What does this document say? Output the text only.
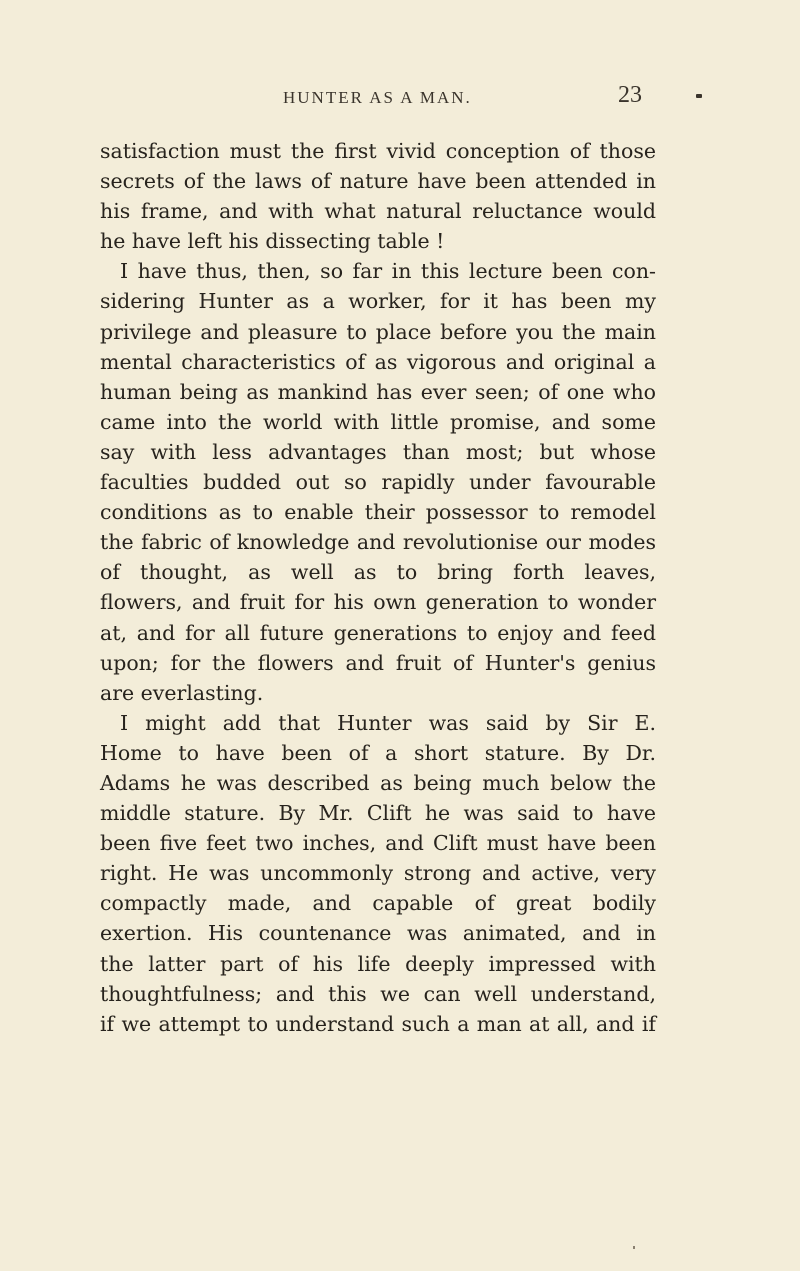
HUNTER AS A MAN.	23
satisfaction must the first vivid conception of those
secrets of the laws of nature have been attended in
his frame, and with what natural reluctance would
he have left his dissecting table !
I have thus, then, so far in this lecture been con-
sidering Hunter as a worker, for it has been my
privilege and pleasure to place before you the main
mental characteristics of as vigorous and original a
human being as mankind has ever seen; of one who
came into the world with little promise, and some
say with less advantages than most; but whose
faculties budded out so rapidly under favourable
conditions as to enable their possessor to remodel
the fabric of knowledge and revolutionise our modes
of thought, as well as to bring forth leaves,
flowers, and fruit for his own generation to wonder
at, and for all future generations to enjoy and feed
upon; for the flowers and fruit of Hunter's genius
are everlasting.
I might add that Hunter was said by Sir E.
Home to have been of a short stature. By Dr.
Adams he was described as being much below the
middle stature. By Mr. Clift he was said to have
been five feet two inches, and Clift must have been
right. He was uncommonly strong and active, very
compactly made, and capable of great bodily
exertion. His countenance was animated, and in
the latter part of his life deeply impressed with
thoughtfulness; and this we can well understand,
if we attempt to understand such a man at all, and if
